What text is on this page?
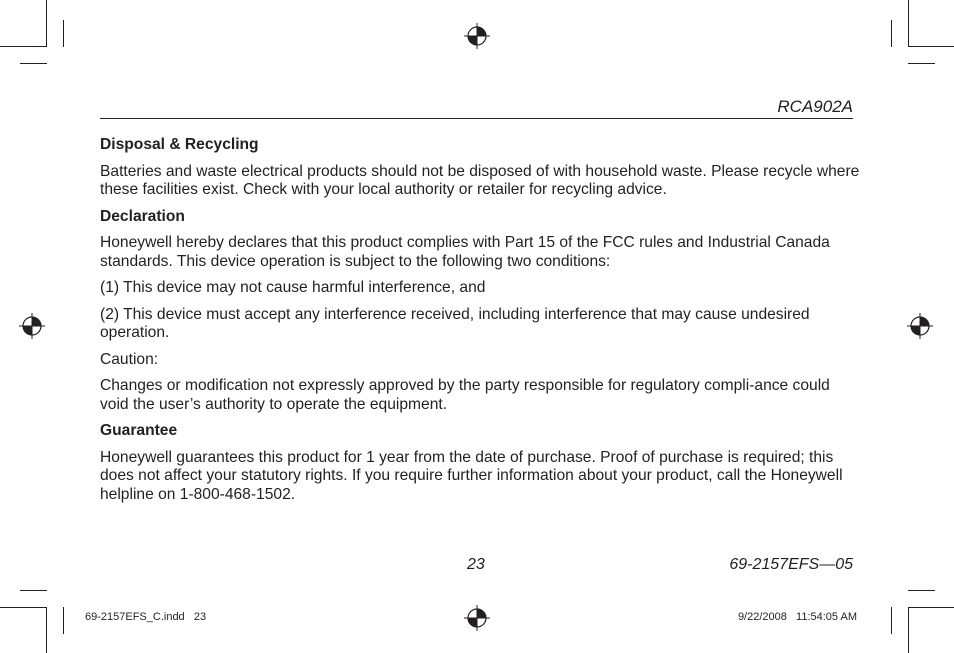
RCA902A
Disposal & Recycling

Batteries and waste electrical products should not be disposed of with household waste. Please recycle where these facilities exist. Check with your local authority or retailer for recycling advice.

Declaration

Honeywell hereby declares that this product complies with Part 15 of the FCC rules and Industrial Canada standards. This device operation is subject to the following two conditions:

(1) This device may not cause harmful interference, and

(2) This device must accept any interference received, including interference that may cause undesired operation.

Caution:

Changes or modification not expressly approved by the party responsible for regulatory compli-ance could void the user’s authority to operate the equipment.

Guarantee

Honeywell guarantees this product for 1 year from the date of purchase. Proof of purchase is required; this does not affect your statutory rights. If you require further information about your product, call the Honeywell helpline on 1-800-468-1502.

23	69-2157EFS—05
69-2157EFS_C.indd   23	9/22/2008   11:54:05 AM
